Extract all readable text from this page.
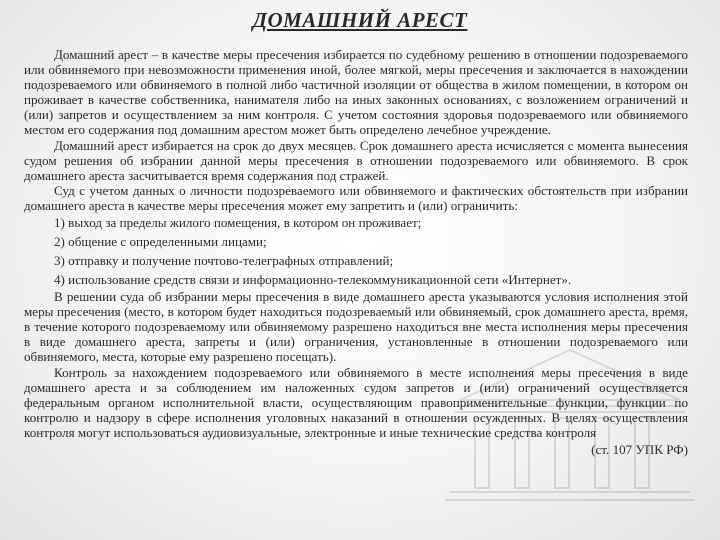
ДОМАШНИЙ АРЕСТ

Домашний арест – в качестве меры пресечения избирается по судебному решению в отношении подозреваемого или обвиняемого при невозможности применения иной, более мягкой, меры пресечения и заключается в нахождении подозреваемого или обвиняемого в полной либо частичной изоляции от общества в жилом помещении, в котором он проживает в качестве собственника, нанимателя либо на иных законных основаниях, с возложением ограничений и (или) запретов и осуществлением за ним контроля. С учетом состояния здоровья подозреваемого или обвиняемого местом его содержания под домашним арестом может быть определено лечебное учреждение.

Домашний арест избирается на срок до двух месяцев. Срок домашнего ареста исчисляется с момента вынесения судом решения об избрании данной меры пресечения в отношении подозреваемого или обвиняемого. В срок домашнего ареста засчитывается время содержания под стражей.

Суд с учетом данных о личности подозреваемого или обвиняемого и фактических обстоятельств при избрании домашнего ареста в качестве меры пресечения может ему запретить и (или) ограничить:

1) выход за пределы жилого помещения, в котором он проживает;

2) общение с определенными лицами;

3) отправку и получение почтово-телеграфных отправлений;

4) использование средств связи и информационно-телекоммуникационной сети «Интернет».

В решении суда об избрании меры пресечения в виде домашнего ареста указываются условия исполнения этой меры пресечения (место, в котором будет находиться подозреваемый или обвиняемый, срок домашнего ареста, время, в течение которого подозреваемому или обвиняемому разрешено находиться вне места исполнения меры пресечения в виде домашнего ареста, запреты и (или) ограничения, установленные в отношении подозреваемого или обвиняемого, места, которые ему разрешено посещать).

Контроль за нахождением подозреваемого или обвиняемого в месте исполнения меры пресечения в виде домашнего ареста и за соблюдением им наложенных судом запретов и (или) ограничений осуществляется федеральным органом исполнительной власти, осуществляющим правоприменительные функции, функции по контролю и надзору в сфере исполнения уголовных наказаний в отношении осужденных. В целях осуществления контроля могут использоваться аудиовизуальные, электронные и иные технические средства контроля

(ст. 107 УПК РФ)
